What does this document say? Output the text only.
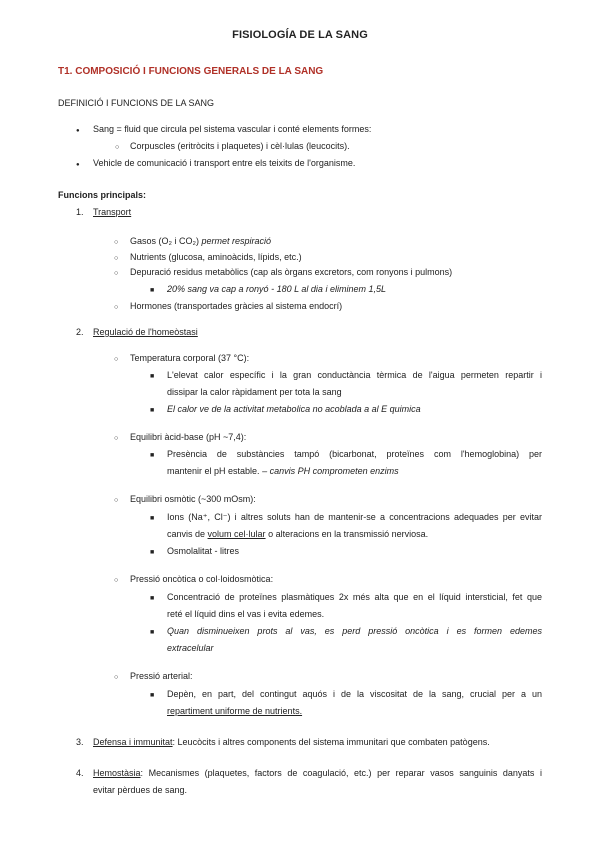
FISIOLOGÍA DE LA SANG
T1. COMPOSICIÓ I FUNCIONS GENERALS DE LA SANG
DEFINICIÓ I FUNCIONS DE LA SANG
●
Sang = fluid que circula pel sistema vascular i conté elements formes:
○
Corpuscles (eritròcits i plaquetes) i cèl·lulas (leucocits).
●
Vehicle de comunicació i transport entre els teixits de l'organisme.
Funcions principals:
1. Transport
○
Gasos (O₂ i CO₂) permet respiració
○
Nutrients (glucosa, aminoàcids, lípids, etc.)
○
Depuració residus metabòlics (cap als òrgans excretors, com ronyons i pulmons)
■
20% sang va cap a ronyó - 180 L al dia i eliminem 1,5L
○
Hormones (transportades gràcies al sistema endocrí)
2. Regulació de l'homeòstasi
○
Temperatura corporal (37 °C):
■
L'elevat calor específic i la gran conductància tèrmica de l'aigua permeten repartir i
dissipar la calor ràpidament per tota la sang
■
El calor ve de la activitat metabolica no acoblada a al E quimica
○
Equilibri àcid-base (pH ~7,4):
■
Presència de substàncies tampó (bicarbonat, proteïnes com l'hemoglobina) per
mantenir el pH estable. – canvis PH comprometen enzims
○
Equilibri osmòtic (~300 mOsm):
■
Ions (Na⁺, Cl⁻) i altres soluts han de mantenir-se a concentracions adequades per evitar
canvis de volum cel·lular o alteracions en la transmissió nerviosa.
■
Osmolalitat - litres
○
Pressió oncòtica o col·loidosmòtica:
■
Concentració de proteïnes plasmàtiques 2x més alta que en el líquid intersticial, fet que
reté el líquid dins el vas i evita edemes.
■
Quan disminueixen prots al vas, es perd pressió oncòtica i es formen edemes
extracelular
○
Pressió arterial:
■
Depèn, en part, del contingut aquós i de la viscositat de la sang, crucial per a un
repartiment uniforme de nutrients.
3. Defensa i immunitat: Leucòcits i altres components del sistema immunitari que combaten patògens.
4. Hemostàsia: Mecanismes (plaquetes, factors de coagulació, etc.) per reparar vasos sanguinis danyats i
evitar pèrdues de sang.
